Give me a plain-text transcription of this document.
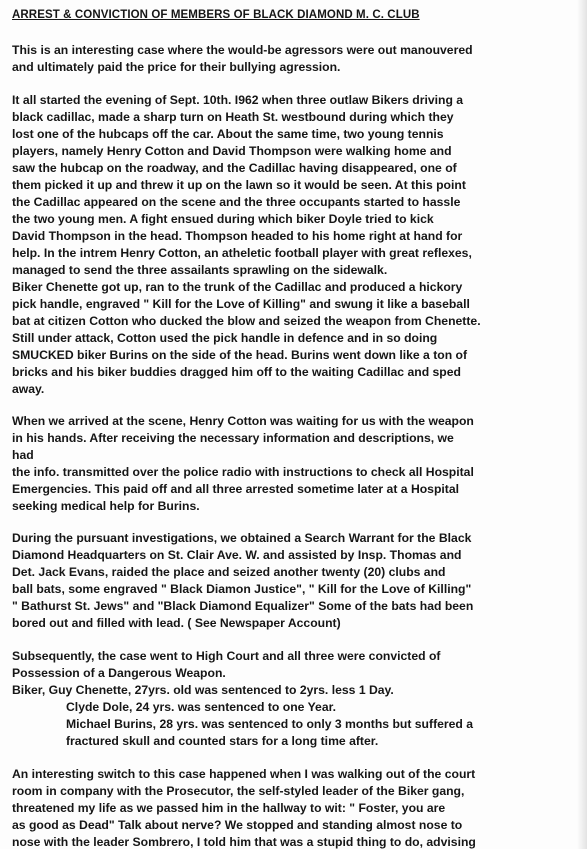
ARREST & CONVICTION OF MEMBERS OF BLACK DIAMOND M. C. CLUB
This is an interesting case where the would-be agressors were out manouvered
and ultimately paid the price for their bullying agression.
It all started the evening of Sept. 10th. I962 when three outlaw Bikers driving a
black cadillac, made a sharp turn on Heath St. westbound during which they
lost one of the hubcaps off the car. About the same time, two young tennis
players, namely Henry Cotton and David Thompson were walking home and
saw the hubcap on the roadway, and the Cadillac having disappeared, one of
them picked it up and threw it up on the lawn so it would be seen. At this point
the Cadillac appeared on the scene and the three occupants started to hassle
the two young men. A fight ensued during which biker Doyle tried to kick
David Thompson in the head. Thompson headed to his home right at hand for
help. In the intrem Henry Cotton, an atheletic football player with great reflexes,
managed to send the three assailants sprawling on the sidewalk.
Biker Chenette got up, ran to the trunk of the Cadillac and produced a hickory
pick handle, engraved " Kill for the Love of Killing" and swung it like a baseball
bat at citizen Cotton who ducked the blow and seized the weapon from Chenette.
Still under attack, Cotton used the pick handle in defence and in so doing
SMUCKED biker Burins on the side of the head. Burins went down like a ton of
bricks and his biker buddies dragged him off to the waiting Cadillac and sped
away.
When we arrived at the scene, Henry Cotton was waiting for us with the weapon
in his hands. After receiving the necessary information and descriptions, we
had
the info. transmitted over the police radio with instructions to check all Hospital
Emergencies. This paid off and all three arrested sometime later at a Hospital
seeking medical help for Burins.
During the pursuant investigations, we obtained a Search Warrant for the Black
Diamond Headquarters on St. Clair Ave. W. and assisted by Insp. Thomas and
Det. Jack Evans, raided the place and seized another twenty (20) clubs and
ball bats, some engraved " Black Diamon Justice", " Kill for the Love of Killing"
" Bathurst St. Jews" and "Black Diamond Equalizer" Some of the bats had been
bored out and filled with lead. ( See Newspaper Account)
Subsequently, the case went to High Court and all three were convicted of
Possession of a Dangerous Weapon.
Biker, Guy Chenette, 27yrs. old was sentenced to 2yrs. less 1 Day.
Clyde Dole, 24 yrs. was sentenced to one Year.
Michael Burins, 28 yrs. was sentenced to only 3 months but suffered a
fractured skull and counted stars for a long time after.
An interesting switch to this case happened when I was walking out of the court
room in company with the Prosecutor, the self-styled leader of the Biker gang,
threatened my life as we passed him in the hallway to wit: " Foster, you are
as good as Dead" Talk about nerve? We stopped and standing almost nose to
nose with the leader Sombrero, I told him that was a stupid thing to do, advising
